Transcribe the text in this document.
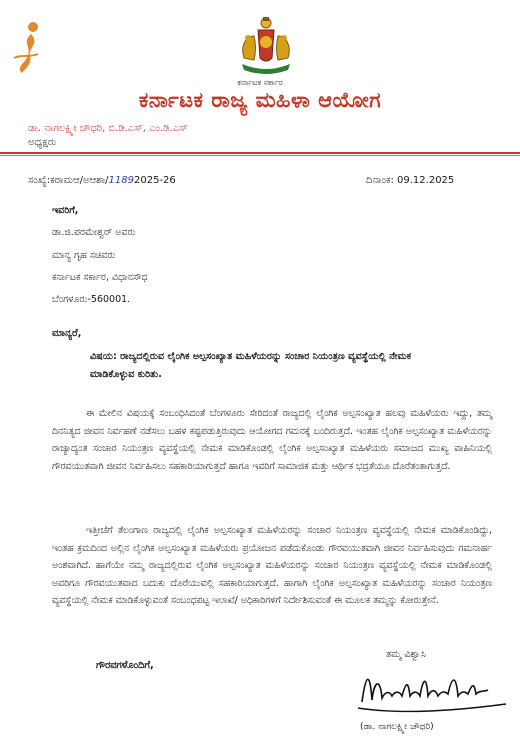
ಕರ್ನಾಟಕ ಸರ್ಕಾರ
ಕರ್ನಾಟಕ ರಾಜ್ಯ ಮಹಿಳಾ ಆಯೋಗ
ಡಾ. ನಾಗಲಕ್ಷ್ಮೀ ಚೌಧರಿ, ಬಿ.ಡಿ.ಎಸ್, ಎಂ.ಡಿ.ಎಸ್
ಅಧ್ಯಕ್ಷರು
ಸಂಖ್ಯೆ:ಕರಾಮಆ/ಅಆಶಾ/11892025-26	ದಿನಾಂಕ: 09.12.2025
ಇವರಿಗೆ,
ಡಾ.ಜಿ.ಪರಮೇಶ್ವರ್ ಅವರು
ಮಾನ್ಯ ಗೃಹ ಸಚಿವರು
ಕರ್ನಾಟಕ ಸರ್ಕಾರ, ವಿಧಾನಸೌಧ
ಬೆಂಗಳೂರು-560001.
ಮಾನ್ಯರೆ,
ವಿಷಯ: ರಾಜ್ಯದಲ್ಲಿರುವ ಲೈಂಗಿಕ ಅಲ್ಪಸಂಖ್ಯಾತ ಮಹಿಳೆಯರನ್ನು ಸಂಚಾರ ನಿಯಂತ್ರಣ ವ್ಯವಸ್ಥೆಯಲ್ಲಿ ನೇಮಕ ಮಾಡಿಕೊಳ್ಳುವ ಕುರಿತು.
ಈ ಮೇಲಿನ ವಿಷಯಕ್ಕೆ ಸಂಬಂಧಿಸಿದಂತೆ ಬೆಂಗಳೂರು ಸೇರಿದಂತೆ ರಾಜ್ಯದಲ್ಲಿ ಲೈಂಗಿಕ ಅಲ್ಪಸಂಖ್ಯಾತ ಹಲವು ಮಹಿಳೆಯರು ಇದ್ದು, ತಮ್ಮ ದಿನನಿತ್ಯದ ಜೀವನ ನಿರ್ವಹಣೆ ನಡೆಸಲು ಬಹಳ ಕಷ್ಟಪಡುತ್ತಿರುವುದು ಆಯೋಗದ ಗಮನಕ್ಕೆ ಬಂದಿರುತ್ತದೆ. ಇಂತಹ ಲೈಂಗಿಕ ಅಲ್ಪಸಂಖ್ಯಾತ ಮಹಿಳೆಯರನ್ನು ರಾಜ್ಯಾದ್ಯಂತ ಸಂಚಾರ ನಿಯಂತ್ರಣ ವ್ಯವಸ್ಥೆಯಲ್ಲಿ ನೇಮಕ ಮಾಡಿಕೊಂಡಲ್ಲಿ ಲೈಂಗಿಕ ಅಲ್ಪಸಂಖ್ಯಾತ ಮಹಿಳೆಯರು ಸಮಾಜದ ಮುಖ್ಯ ವಾಹಿನಿಯಲ್ಲಿ ಗೌರವಯುತವಾಗಿ ಜೀವನ ನಿರ್ವಹಿಸಲು ಸಹಕಾರಿಯಾಗುತ್ತದೆ ಹಾಗೂ ಇವರಿಗೆ ಸಾಮಾಜಿಕ ಮತ್ತು ಆರ್ಥಿಕ ಭದ್ರತೆಯೂ ದೊರೆತಂತಾಗುತ್ತದೆ.
ಇತ್ತೀಚೆಗೆ ತೆಲಂಗಾಣ ರಾಜ್ಯದಲ್ಲಿ ಲೈಂಗಿಕ ಅಲ್ಪಸಂಖ್ಯಾತ ಮಹಿಳೆಯರನ್ನು ಸಂಚಾರ ನಿಯಂತ್ರಣ ವ್ಯವಸ್ಥೆಯಲ್ಲಿ ನೇಮಕ ಮಾಡಿಕೊಂಡಿದ್ದು, ಇಂತಹ ಕ್ರಮದಿಂದ ಅಲ್ಲಿನ ಲೈಂಗಿಕ ಅಲ್ಪಸಂಖ್ಯಾತ ಮಹಿಳೆಯರು ಪ್ರಯೋಜನ ಪಡೆದುಕೊಂಡು ಗೌರವಯುತವಾಗಿ ಜೀವನ ನಿರ್ವಹಿಸುವುದು ಗಮನಾರ್ಹ ಅಂಶವಾಗಿದೆ. ಹಾಗೆಯೇ ನಮ್ಮ ರಾಜ್ಯದಲ್ಲಿರುವ ಲೈಂಗಿಕ ಅಲ್ಪಸಂಖ್ಯಾತ ಮಹಿಳೆಯರನ್ನು ಸಂಚಾರ ನಿಯಂತ್ರಣ ವ್ಯವಸ್ಥೆಯಲ್ಲಿ ನೇಮಕ ಮಾಡಿಕೊಂಡಲ್ಲಿ ಅವರಿಗೂ ಗೌರವಯುತವಾದ ಬದುಕು ದೊರೆಯುವಲ್ಲಿ ಸಹಕಾರಿಯಾಗುತ್ತದೆ. ಹಾಗಾಗಿ ಲೈಂಗಿಕ ಅಲ್ಪಸಂಖ್ಯಾತ ಮಹಿಳೆಯರನ್ನು ಸಂಚಾರ ನಿಯಂತ್ರಣ ವ್ಯವಸ್ಥೆಯಲ್ಲಿ ನೇಮಕ ಮಾಡಿಕೊಳ್ಳುವಂತೆ ಸಂಬಂಧಪಟ್ಟ ಇಲಾಖೆ/ ಅಧಿಕಾರಿಗಳಿಗೆ ನಿರ್ದೇಶಿಸುವಂತೆ ಈ ಮೂಲಕ ತಮ್ಮನ್ನು ಕೋರುತ್ತೇನೆ.
ಗೌರವಗಳೊಂದಿಗೆ,
ತಮ್ಮ ವಿಶ್ವಾಸಿ
(ಡಾ. ನಾಗಲಕ್ಷ್ಮೀ ಚೌಧರಿ)
